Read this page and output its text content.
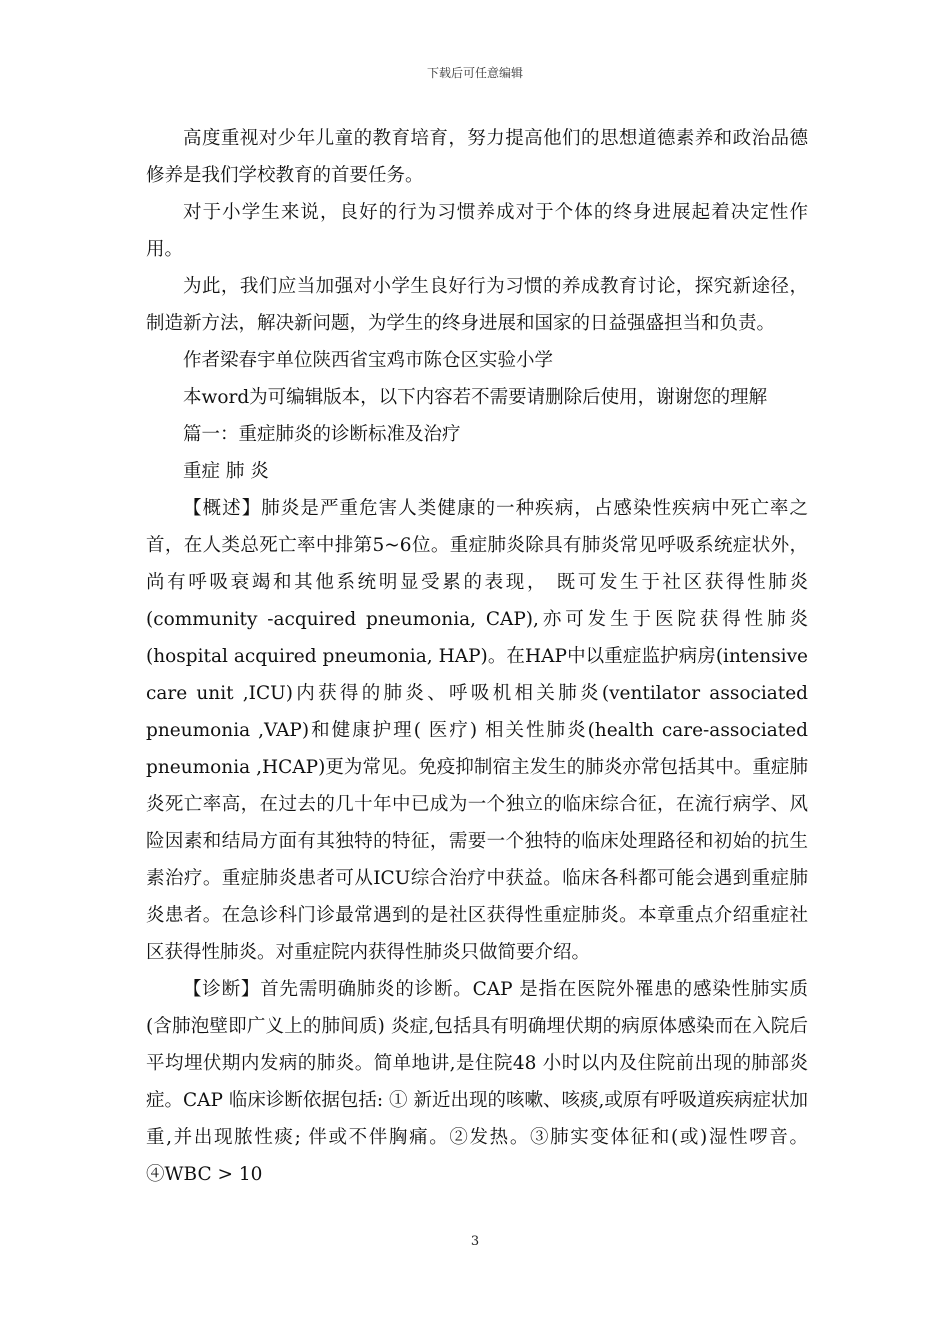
下载后可任意编辑

高度重视对少年儿童的教育培育，努力提高他们的思想道德素养和政治品德修养是我们学校教育的首要任务。

对于小学生来说，良好的行为习惯养成对于个体的终身进展起着决定性作用。

为此，我们应当加强对小学生良好行为习惯的养成教育讨论，探究新途径，制造新方法，解决新问题，为学生的终身进展和国家的日益强盛担当和负责。

作者梁春宇单位陕西省宝鸡市陈仓区实验小学

本word为可编辑版本，以下内容若不需要请删除后使用，谢谢您的理解

篇一：重症肺炎的诊断标准及治疗

重症 肺 炎

【概述】肺炎是严重危害人类健康的一种疾病，占感染性疾病中死亡率之首，在人类总死亡率中排第5~6位。重症肺炎除具有肺炎常见呼吸系统症状外，尚有呼吸衰竭和其他系统明显受累的表现， 既可发生于社区获得性肺炎(community -acquired pneumonia, CAP),亦可发生于医院获得性肺炎(hospital acquired pneumonia, HAP)。在HAP中以重症监护病房(intensive care unit ,ICU)内获得的肺炎、呼吸机相关肺炎(ventilator associated pneumonia ,VAP)和健康护理( 医疗) 相关性肺炎(health care‐associated pneumonia ,HCAP)更为常见。免疫抑制宿主发生的肺炎亦常包括其中。重症肺炎死亡率高，在过去的几十年中已成为一个独立的临床综合征，在流行病学、风险因素和结局方面有其独特的特征，需要一个独特的临床处理路径和初始的抗生素治疗。重症肺炎患者可从ICU综合治疗中获益。临床各科都可能会遇到重症肺炎患者。在急诊科门诊最常遇到的是社区获得性重症肺炎。本章重点介绍重症社区获得性肺炎。对重症院内获得性肺炎只做简要介绍。

【诊断】首先需明确肺炎的诊断。CAP 是指在医院外罹患的感染性肺实质(含肺泡壁即广义上的肺间质) 炎症,包括具有明确埋伏期的病原体感染而在入院后平均埋伏期内发病的肺炎。简单地讲,是住院48 小时以内及住院前出现的肺部炎症。CAP 临床诊断依据包括: ① 新近出现的咳嗽、咳痰,或原有呼吸道疾病症状加重,并出现脓性痰; 伴或不伴胸痛。②发热。③肺实变体征和(或)湿性啰音。④WBC > 10

3
